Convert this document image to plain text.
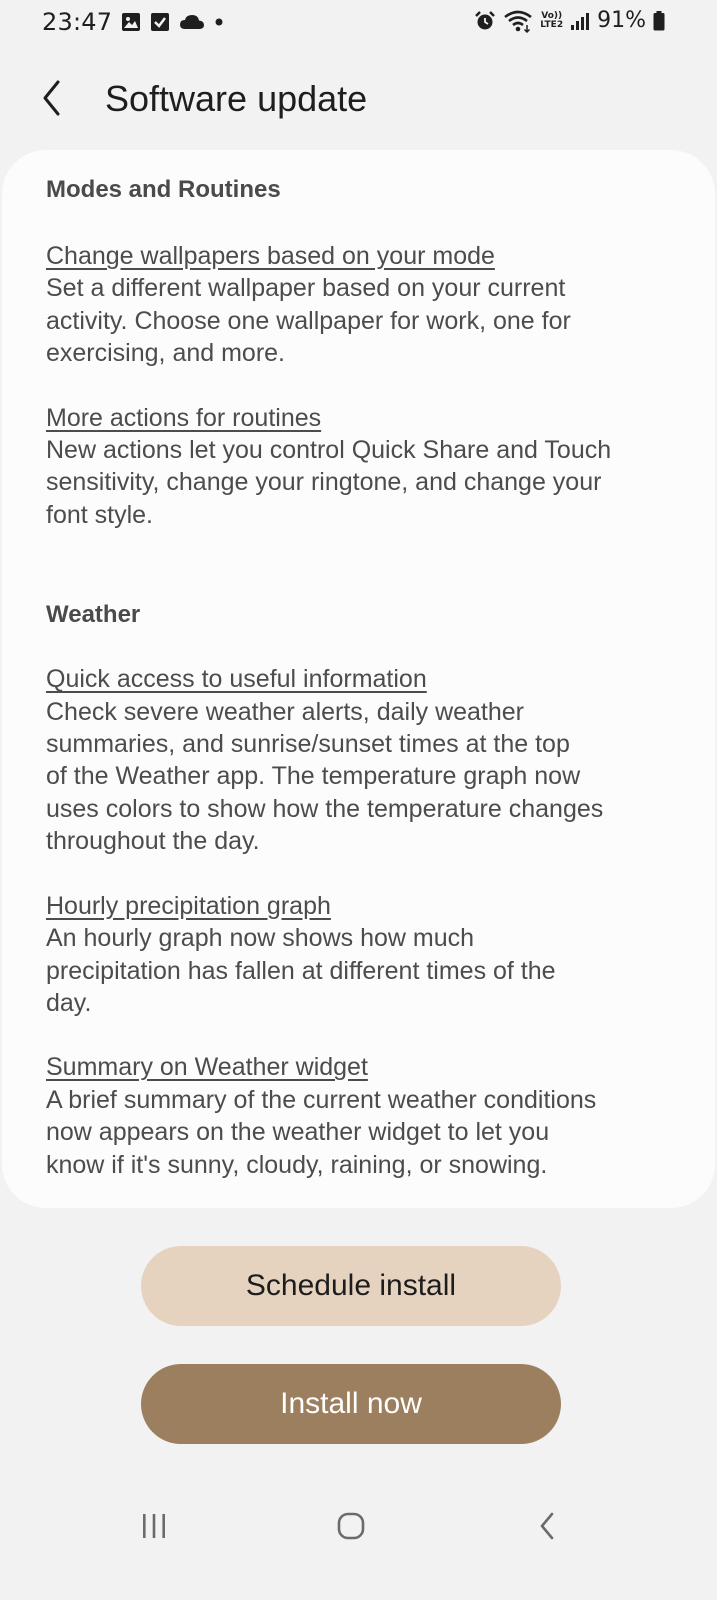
23:47	Vo))
LTE2 91%
Software update
Modes and Routines
Change wallpapers based on your mode
Set a different wallpaper based on your current
activity. Choose one wallpaper for work, one for
exercising, and more.
More actions for routines
New actions let you control Quick Share and Touch
sensitivity, change your ringtone, and change your
font style.
Weather
Quick access to useful information
Check severe weather alerts, daily weather
summaries, and sunrise/sunset times at the top
of the Weather app. The temperature graph now
uses colors to show how the temperature changes
throughout the day.
Hourly precipitation graph
An hourly graph now shows how much
precipitation has fallen at different times of the
day.
Summary on Weather widget
A brief summary of the current weather conditions
now appears on the weather widget to let you
know if it's sunny, cloudy, raining, or snowing.
Schedule install
Install now
